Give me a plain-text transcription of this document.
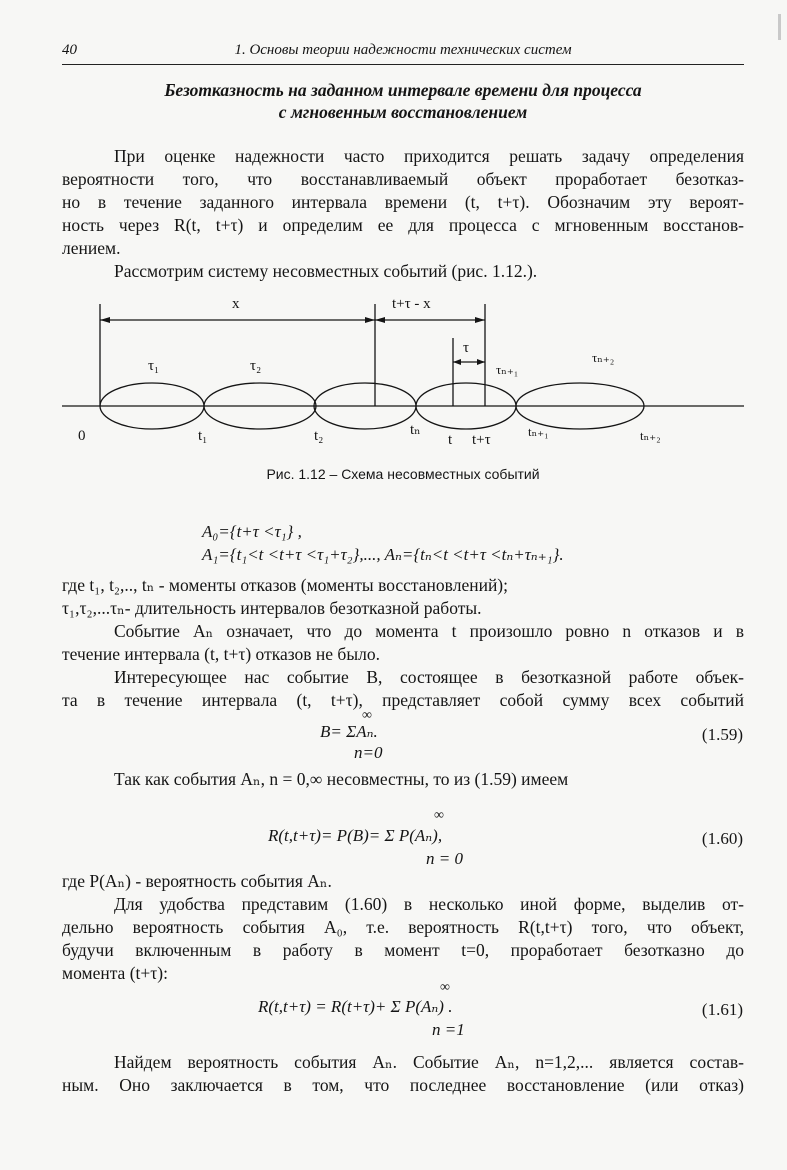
40	1. Основы теории надежности технических систем
Безотказность на заданном интервале времени для процесса
с мгновенным восстановлением
При оценке надежности часто приходится решать задачу определения
вероятности того, что восстанавливаемый объект проработает безотказ-
но в течение заданного интервала времени (t, t+τ). Обозначим эту вероят-
ность через R(t, t+τ) и определим ее для процесса с мгновенным восстанов-
лением.
Рассмотрим систему несовместных событий (рис. 1.12.).
x	t+τ - x
τ
τ₁	τ₂	τₙ₊₁
τₙ₊₂
0	t₁	t₂	tₙ
t t+τ
tₙ₊₁	tₙ₊₂
Рис. 1.12 – Схема несовместных событий
A₀={t+τ <τ₁} ,
A₁={t₁<t <t+τ <τ₁+τ₂},..., Aₙ={tₙ<t <t+τ <tₙ+τₙ₊₁}.
где t₁, t₂,.., tₙ - моменты отказов (моменты восстановлений);
τ₁,τ₂,...τₙ- длительность интервалов безотказной работы.
Событие Aₙ означает, что до момента t произошло ровно n отказов и в
течение интервала (t, t+τ) отказов не было.
Интересующее нас событие B, состоящее в безотказной работе объек-
та в течение интервала (t, t+τ), представляет собой сумму всех событий
∞
B= ΣAₙ.
n=0
(1.59)
Так как события Aₙ, n = 0,∞ несовместны, то из (1.59) имеем
∞
R(t,t+τ)= P(B)= Σ P(Aₙ),
n = 0
(1.60)
где P(Aₙ) - вероятность события Aₙ.
Для удобства представим (1.60) в несколько иной форме, выделив от-
дельно вероятность события A₀, т.е. вероятность R(t,t+τ) того, что объект,
будучи включенным в работу в момент t=0, проработает безотказно до
момента (t+τ):
∞
R(t,t+τ) = R(t+τ)+ Σ P(Aₙ) .
n =1
(1.61)
Найдем вероятность события Aₙ. Событие Aₙ, n=1,2,... является состав-
ным. Оно заключается в том, что последнее восстановление (или отказ)
